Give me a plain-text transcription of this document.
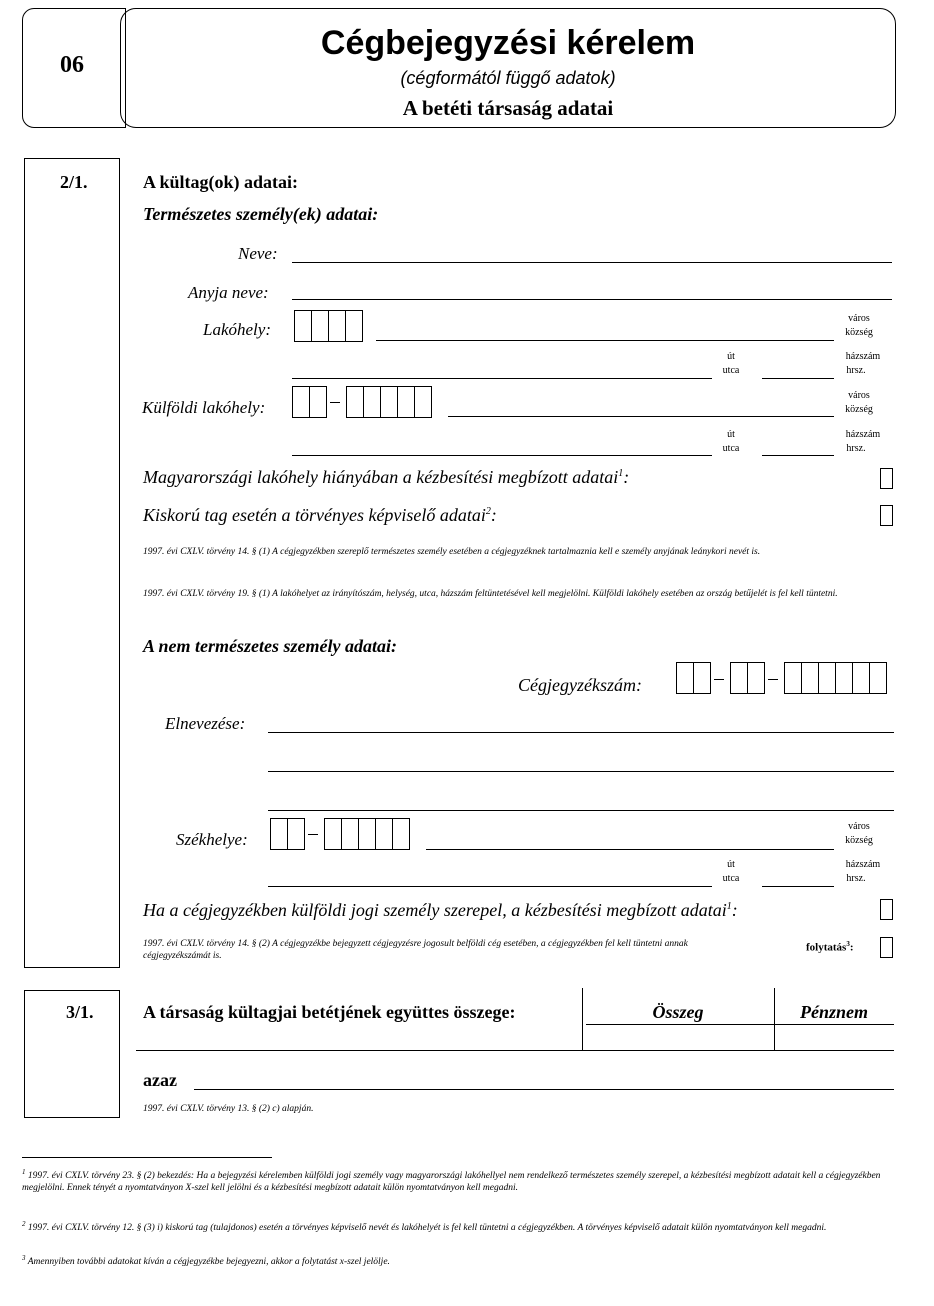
06
Cégbejegyzési kérelem
(cégformától függő adatok)
A betéti társaság adatai
2/1.	A kültag(ok) adatai:
Természetes személy(ek) adatai:
Neve:
Anyja neve:
Lakóhely:
város
község
út
utca
házszám
hrsz.
Külföldi lakóhely:
város
község
út
utca
házszám
hrsz.
Magyarországi lakóhely hiányában a kézbesítési megbízott adatai$^1$:
Kiskorú tag esetén a törvényes képviselő adatai$^2$:
1997. évi CXLV. törvény 14. § (1) A cégjegyzékben szereplő természetes személy esetében a cégjegyzéknek tartalmaznia kell e személy anyjának leánykori nevét is.
1997. évi CXLV. törvény 19. § (1) A lakóhelyet az irányítószám, helység, utca, házszám feltüntetésével kell megjelölni. Külföldi lakóhely esetében az ország betűjelét is fel kell tüntetni.
A nem természetes személy adatai:
Cégjegyzékszám:
Elnevezése:
Székhelye:
város
község
út
utca
házszám
hrsz.
Ha a cégjegyzékben külföldi jogi személy szerepel, a kézbesítési megbízott adatai$^1$:
1997. évi CXLV. törvény 14. § (2) A cégjegyzékbe bejegyzett cégjegyzésre jogosult belföldi cég esetében, a cégjegyzékben fel kell tüntetni annak cégjegyzékszámát is.
folytatás$^3$:
3/1.	A társaság kültagjai betétjének együttes összege:	Összeg	Pénznem
azaz
1997. évi CXLV. törvény 13. § (2) c) alapján.
$^1$ 1997. évi CXLV. törvény 23. § (2) bekezdés: Ha a bejegyzési kérelemben külföldi jogi személy vagy magyarországi lakóhellyel nem rendelkező természetes személy szerepel, a kézbesítési megbízott adatait kell a cégjegyzékben megjelölni. Ennek tényét a nyomtatványon X-szel kell jelölni és a kézbesítési megbízott adatait külön nyomtatványon kell megadni.
$^2$ 1997. évi CXLV. törvény 12. § (3) i) kiskorú tag (tulajdonos) esetén a törvényes képviselő nevét és lakóhelyét is fel kell tüntetni a cégjegyzékben. A törvényes képviselő adatait külön nyomtatványon kell megadni.
$^3$ Amennyiben további adatokat kíván a cégjegyzékbe bejegyezni, akkor a folytatást x-szel jelölje.
